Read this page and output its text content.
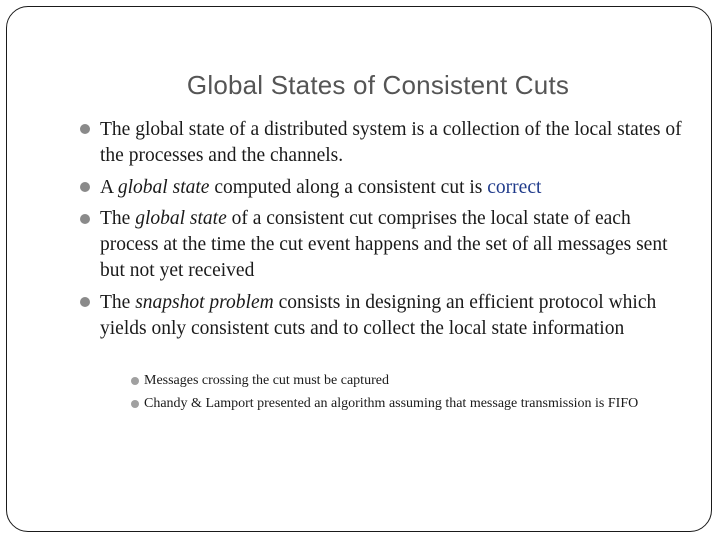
Global States of Consistent Cuts
The global state of a distributed system is a collection of the local states of the processes and the channels.
A global state computed along a consistent cut is correct
The global state of a consistent cut comprises the local state of each process at the time the cut event happens and the set of all messages sent but not yet received
The snapshot problem consists in designing an efficient protocol which yields only consistent cuts and to collect the local state information
Messages crossing the cut must be captured
Chandy & Lamport presented an algorithm assuming that message transmission is FIFO
